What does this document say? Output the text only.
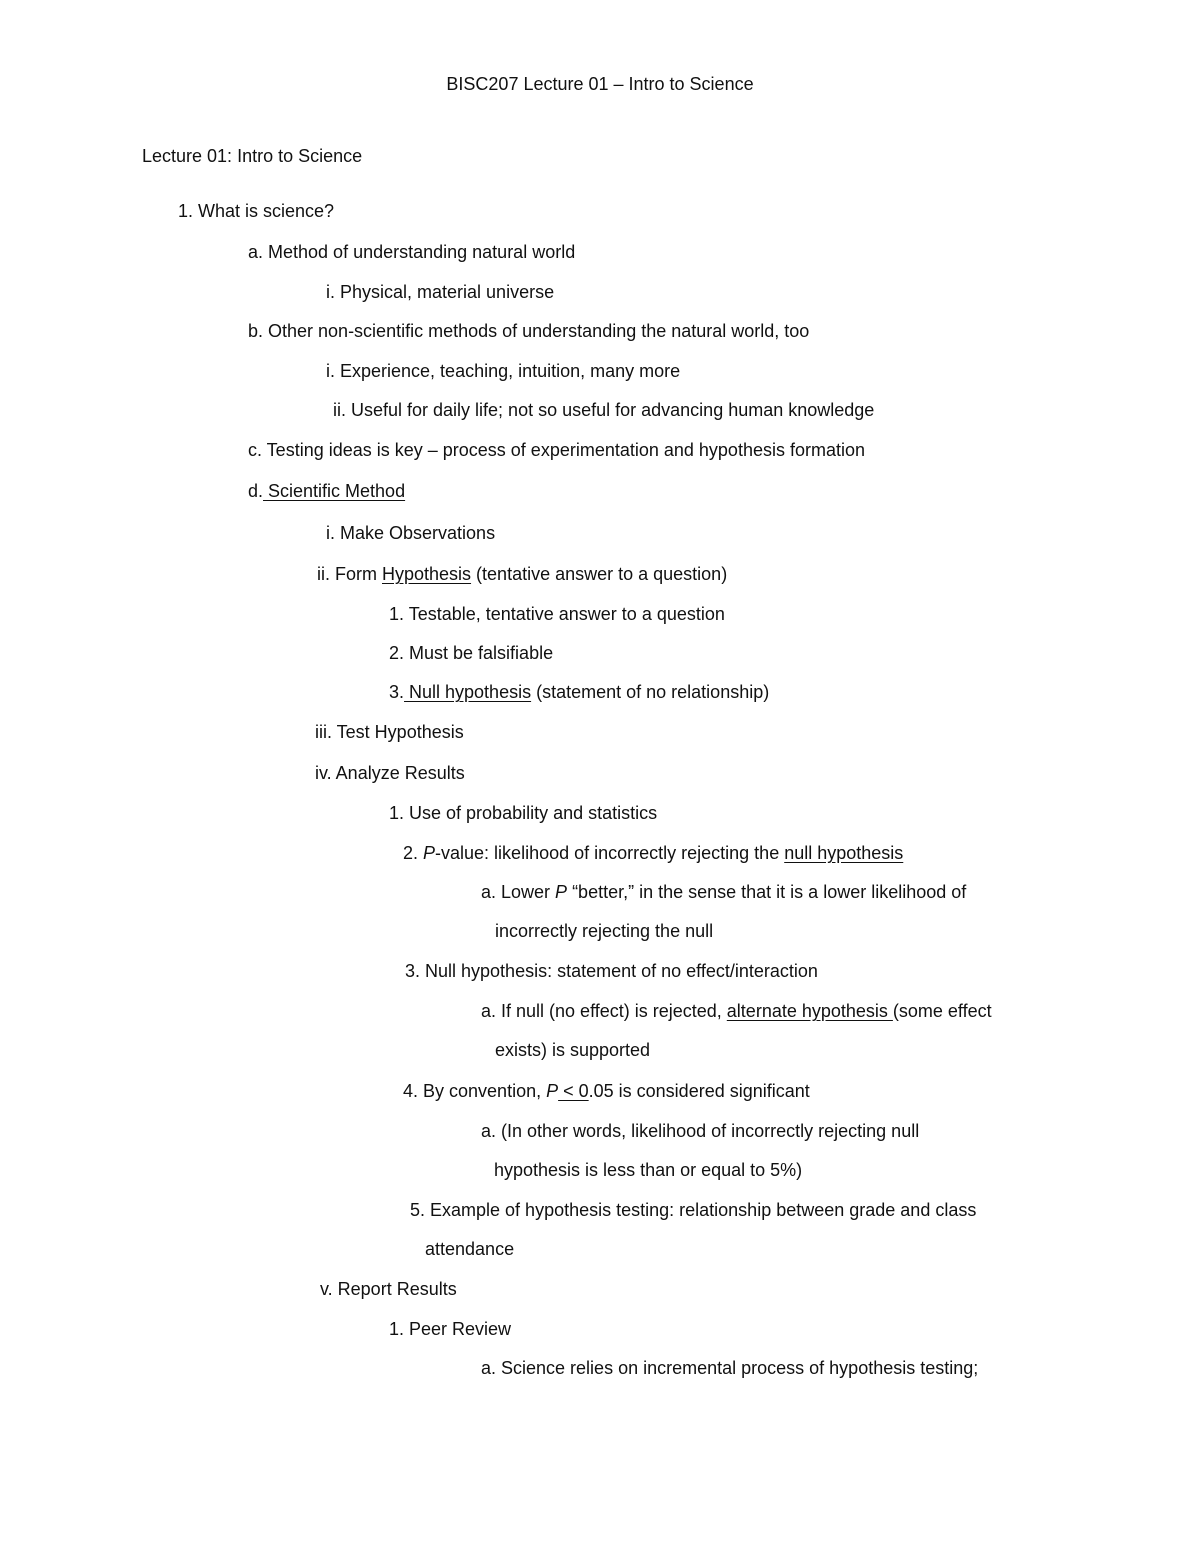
BISC207 Lecture 01 – Intro to Science
Lecture 01: Intro to Science
1. What is science?
a. Method of understanding natural world
i. Physical, material universe
b. Other non-scientific methods of understanding the natural world, too
i. Experience, teaching, intuition, many more
ii. Useful for daily life; not so useful for advancing human knowledge
c. Testing ideas is key – process of experimentation and hypothesis formation
d. Scientific Method
i. Make Observations
ii. Form Hypothesis (tentative answer to a question)
1. Testable, tentative answer to a question
2. Must be falsifiable
3. Null hypothesis (statement of no relationship)
iii. Test Hypothesis
iv. Analyze Results
1. Use of probability and statistics
2. P-value: likelihood of incorrectly rejecting the null hypothesis
a. Lower P “better,” in the sense that it is a lower likelihood of
incorrectly rejecting the null
3. Null hypothesis: statement of no effect/interaction
a. If null (no effect) is rejected, alternate hypothesis (some effect
exists) is supported
4. By convention, P < 0.05 is considered significant
a. (In other words, likelihood of incorrectly rejecting null
hypothesis is less than or equal to 5%)
5. Example of hypothesis testing: relationship between grade and class
attendance
v. Report Results
1. Peer Review
a. Science relies on incremental process of hypothesis testing;
